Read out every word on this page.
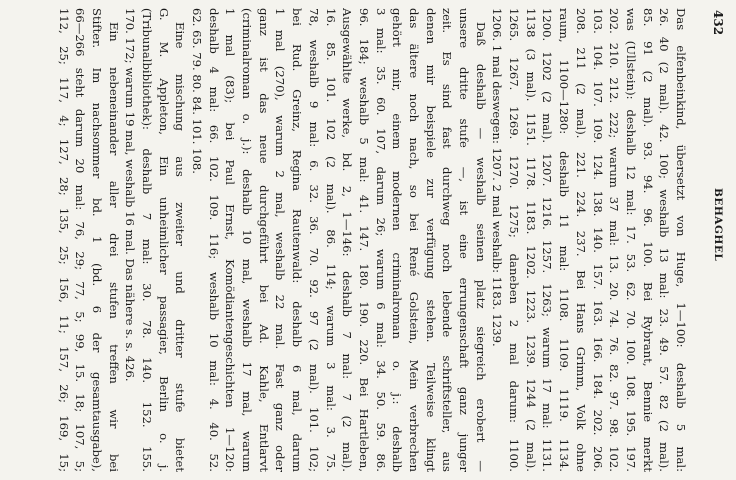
432
BEHAGHEL
Das elfenbeinkind, übersetzt von Huge, 1—100: deshalb 5 mal:
26. 40 (2 mal). 42. 100; weshalb 13 mal: 23. 49. 57. 82 (2 mal).
85. 91 (2 mal). 93. 94. 96. 100. Bei Rybrant, Bennie merkt
was (Ullstein): deshalb 12 mal: 17. 53. 62. 70. 100. 108. 195. 197.
202. 210. 212. 222; warum 37 mal: 13. 20. 74. 76. 82. 97. 98. 102.
103. 104. 107. 109. 124. 138. 140. 157. 163. 166. 184. 202. 206.
208. 211 (2 mal). 221. 224. 237. Bei Hans Grimm, Volk ohne
raum, 1100—1280: deshalb 11 mal: 1108. 1109. 1119. 1134.
1200. 1202 (2 mal). 1207. 1216. 1257. 1263; warum 17 mal: 1131.
1138 (3 mal). 1151. 1178. 1183. 1202. 1223. 1239. 1244 (2 mal).
1265. 1267. 1269. 1270. 1275; daneben 2 mal darum: 1100.
1206. 1 mal deswegen: 1207. 2 mal weshalb: 1183. 1239.
Daß deshalb — weshalb seinen platz siegreich erobert —
unsere dritte stufe —, ist eine errungenschaft ganz junger
zeit. Es sind fast durchweg noch lebende schriftsteller, aus
denen mir beispiele zur verfügung stehen. Teilweise klingt
das ältere noch nach, so bei René Golstein, Mein verbrechen
gehört mir, einem modernen criminalroman o. j.: deshalb
3 mal: 35. 60. 107, darum 26; warum 6 mal: 34. 50. 59. 86.
96. 184; weshalb 5 mal: 41. 147. 180. 190. 220. Bei Hartleben,
Ausgewählte werke, bd. 2, 1—146: deshalb 7 mal: 7 (2 mal).
16. 85. 101. 102 (2 mal). 86. 114; warum 3 mal: 3. 75.
78, weshalb 9 mal: 6. 32. 36. 70. 92. 97 (2 mal). 101. 102;
bei Rud. Greinz, Regina Rautenwald: deshalb 6 mal, darum
1 mal (270), warum 2 mal, weshalb 22 mal. Fast ganz oder
ganz ist das neue durchgeführt bei Ad. Kahle, Entlarvt
(criminalroman o. j.): deshalb 10 mal, weshalb 17 mal, warum
1 mal (83); bei Paul Ernst, Komödiantengeschichten 1—120:
deshalb 4 mal: 66. 102. 109. 116; weshalb 10 mal: 4. 40. 52.
62. 65. 79. 80. 84. 101. 108.
Eine mischung aus zweiter und dritter stufe bietet
G. M. Appleton, Ein unheimlicher passagier, Berlin o. j.
(Tribunalbibliothek): deshalb 7 mal: 30. 78. 140. 152. 155.
170. 172; warum 19 mal, weshalb 16 mal. Das nähere s. s. 426.
Ein nebeneinander aller drei stufen treffen wir bei
Stifter. Im nachsommer bd. 1 (bd. 6 der gesamtausgabe),
66—266 steht darum 20 mal: 76, 29; 77, 5; 99, 15. 18; 107, 5;
112, 25; 117, 4; 127, 28; 135, 25; 156, 11; 157, 26; 169, 15;
